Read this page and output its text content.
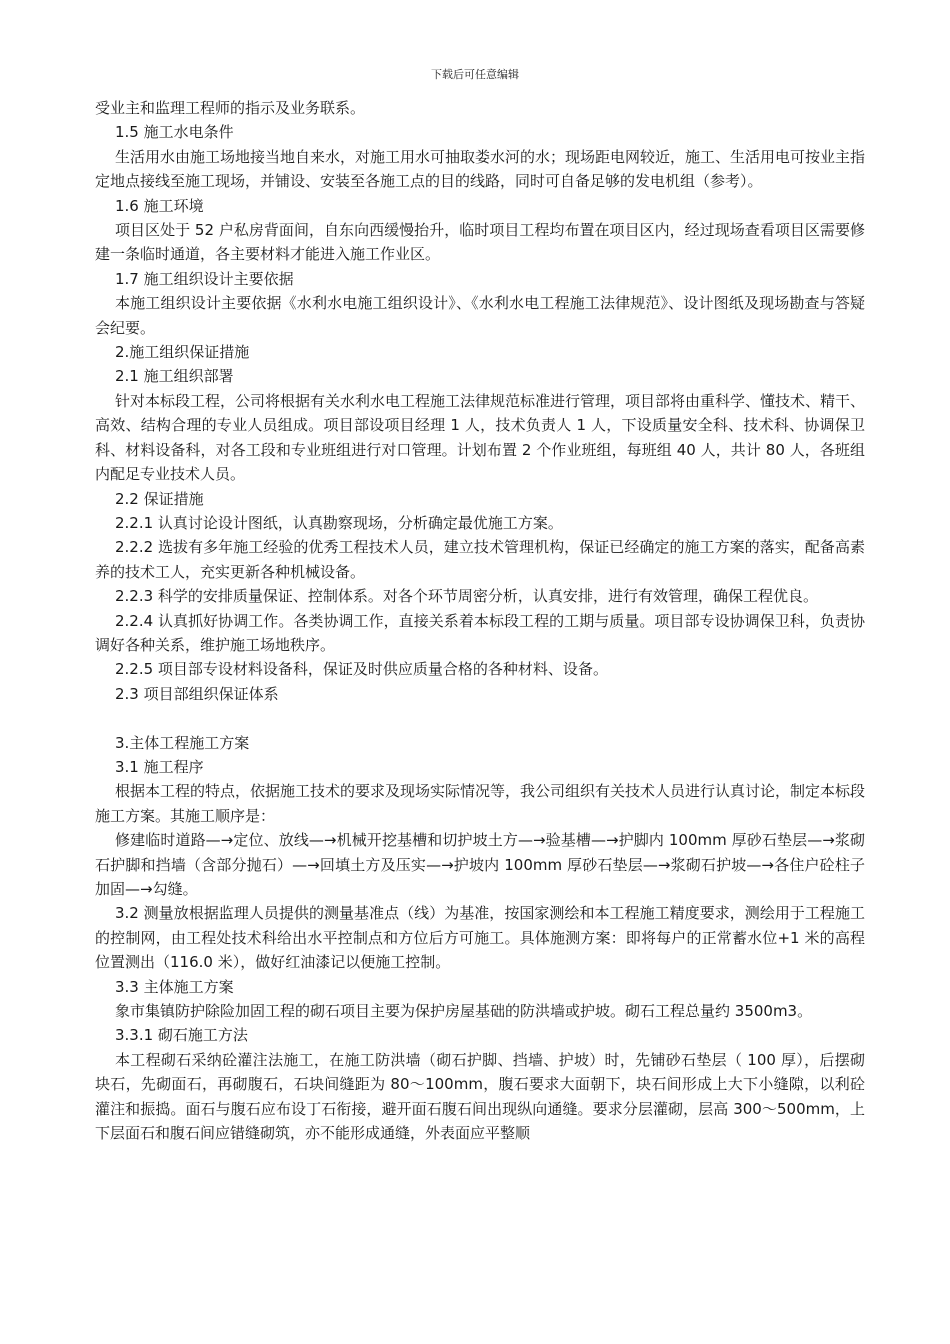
下载后可任意编辑

受业主和监理工程师的指示及业务联系。

1.5 施工水电条件

生活用水由施工场地接当地自来水，对施工用水可抽取娄水河的水；现场距电网较近，施工、生活用电可按业主指定地点接线至施工现场，并铺设、安装至各施工点的目的线路，同时可自备足够的发电机组（参考）。

1.6 施工环境

项目区处于 52 户私房背面间，自东向西缓慢抬升，临时项目工程均布置在项目区内，经过现场查看项目区需要修建一条临时通道，各主要材料才能进入施工作业区。

1.7 施工组织设计主要依据

本施工组织设计主要依据《水利水电施工组织设计》、《水利水电工程施工法律规范》、设计图纸及现场勘查与答疑会纪要。

2.施工组织保证措施

2.1 施工组织部署

针对本标段工程，公司将根据有关水利水电工程施工法律规范标准进行管理，项目部将由重科学、懂技术、精干、高效、结构合理的专业人员组成。项目部设项目经理 1 人，技术负责人 1 人，下设质量安全科、技术科、协调保卫科、材料设备科，对各工段和专业班组进行对口管理。计划布置 2 个作业班组，每班组 40 人，共计 80 人，各班组内配足专业技术人员。

2.2 保证措施

2.2.1 认真讨论设计图纸，认真勘察现场，分析确定最优施工方案。

2.2.2 选拔有多年施工经验的优秀工程技术人员，建立技术管理机构，保证已经确定的施工方案的落实，配备高素养的技术工人，充实更新各种机械设备。

2.2.3 科学的安排质量保证、控制体系。对各个环节周密分析，认真安排，进行有效管理，确保工程优良。

2.2.4 认真抓好协调工作。各类协调工作，直接关系着本标段工程的工期与质量。项目部专设协调保卫科，负责协调好各种关系，维护施工场地秩序。

2.2.5 项目部专设材料设备科，保证及时供应质量合格的各种材料、设备。

2.3 项目部组织保证体系

3.主体工程施工方案

3.1 施工程序

根据本工程的特点，依据施工技术的要求及现场实际情况等，我公司组织有关技术人员进行认真讨论，制定本标段施工方案。其施工顺序是：

修建临时道路—→定位、放线—→机械开挖基槽和切护坡土方—→验基槽—→护脚内 100mm 厚砂石垫层—→浆砌石护脚和挡墙（含部分抛石）—→回填土方及压实—→护坡内 100mm 厚砂石垫层—→浆砌石护坡—→各住户砼柱子加固—→勾缝。

3.2 测量放根据监理人员提供的测量基准点（线）为基准，按国家测绘和本工程施工精度要求，测绘用于工程施工的控制网，由工程处技术科给出水平控制点和方位后方可施工。具体施测方案：即将每户的正常蓄水位+1 米的高程位置测出（116.0 米），做好红油漆记以便施工控制。

3.3 主体施工方案

象市集镇防护除险加固工程的砌石项目主要为保护房屋基础的防洪墙或护坡。砌石工程总量约 3500m3。

3.3.1 砌石施工方法

本工程砌石采纳砼灌注法施工，在施工防洪墙（砌石护脚、挡墙、护坡）时，先铺砂石垫层（ 100 厚），后摆砌块石，先砌面石，再砌腹石，石块间缝距为 80～100mm，腹石要求大面朝下，块石间形成上大下小缝隙，以利砼灌注和振捣。面石与腹石应布设丁石衔接，避开面石腹石间出现纵向通缝。要求分层灌砌，层高 300～500mm，上下层面石和腹石间应错缝砌筑，亦不能形成通缝，外表面应平整顺
